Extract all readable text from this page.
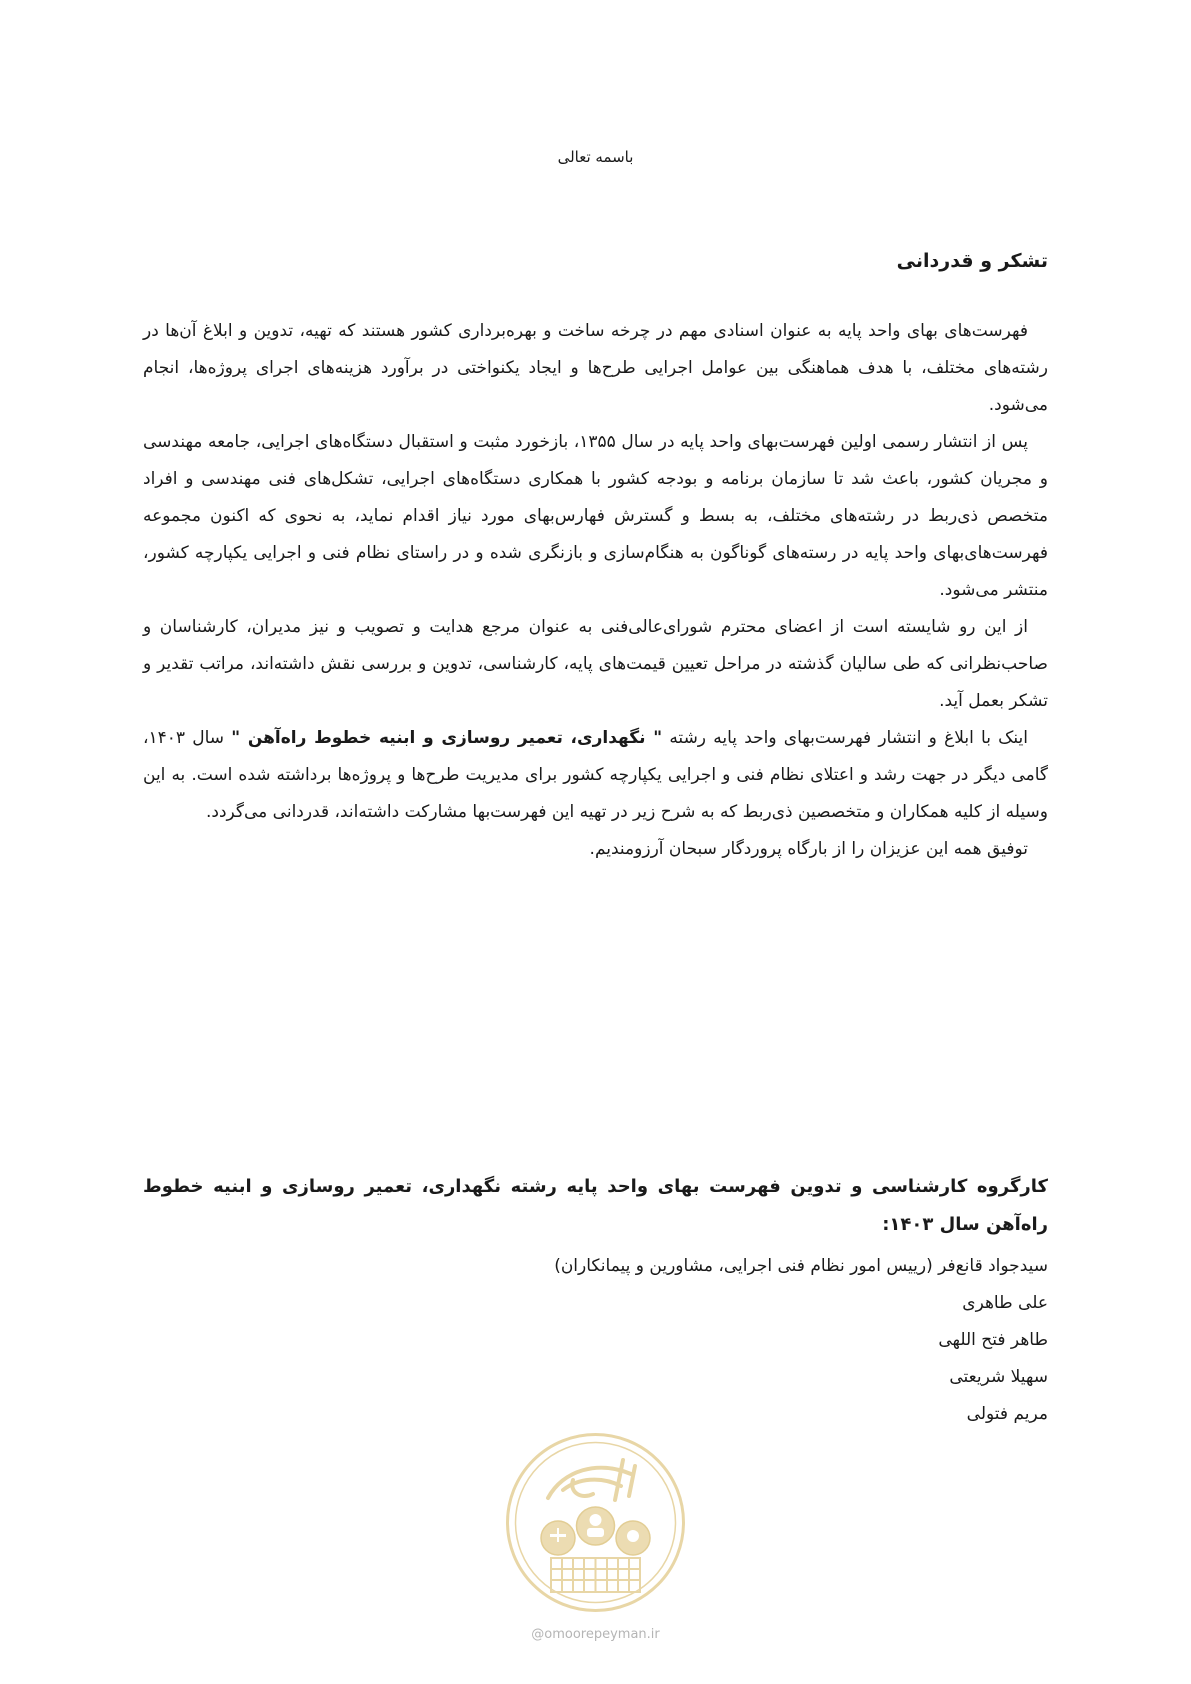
باسمه تعالی

تشکر و قدردانی

فهرست‌های بهای واحد پایه به عنوان اسنادی مهم در چرخه ساخت و بهره‌برداری کشور هستند که تهیه، تدوین و ابلاغ آن‌ها در رشته‌های مختلف، با هدف هماهنگی بین عوامل اجرایی طرح‌ها و ایجاد یکنواختی در برآورد هزینه‌های اجرای پروژه‌ها، انجام می‌شود.

پس از انتشار رسمی اولین فهرست‌بهای واحد پایه در سال ۱۳۵۵، بازخورد مثبت و استقبال دستگاه‌های اجرایی، جامعه مهندسی و مجریان کشور، باعث شد تا سازمان برنامه و بودجه کشور با همکاری دستگاه‌های اجرایی، تشکل‌های فنی مهندسی و افراد متخصص ذی‌ربط در رشته‌های مختلف، به بسط و گسترش فهارس‌بهای مورد نیاز اقدام نماید، به نحوی که اکنون مجموعه فهرست‌های‌بهای واحد پایه در رسته‌های گوناگون به هنگام‌سازی و بازنگری شده و در راستای نظام فنی و اجرایی یکپارچه کشور، منتشر می‌شود.

از این رو شایسته است از اعضای محترم شورای‌عالی‌فنی به عنوان مرجع هدایت و تصویب و نیز مدیران، کارشناسان و صاحب‌نظرانی که طی سالیان گذشته در مراحل تعیین قیمت‌های پایه، کارشناسی، تدوین و بررسی نقش داشته‌اند، مراتب تقدیر و تشکر بعمل آید.

اینک با ابلاغ و انتشار فهرست‌بهای واحد پایه رشته " نگهداری، تعمیر روسازی و ابنیه خطوط راه‌آهن " سال ۱۴۰۳، گامی دیگر در جهت رشد و اعتلای نظام فنی و اجرایی یکپارچه کشور برای مدیریت طرح‌ها و پروژه‌ها برداشته شده است. به این وسیله از کلیه همکاران و متخصصین ذی‌ربط که به شرح زیر در تهیه این فهرست‌بها مشارکت داشته‌اند، قدردانی می‌گردد.

توفیق همه این عزیزان را از بارگاه پروردگار سبحان آرزومندیم.

کارگروه کارشناسی و تدوین فهرست بهای واحد پایه رشته نگهداری، تعمیر روسازی و ابنیه خطوط راه‌آهن سال ۱۴۰۳:

سیدجواد قانع‌فر (رییس امور نظام فنی اجرایی، مشاورین و پیمانکاران)

علی طاهری

طاهر فتح اللهی

سهیلا شریعتی

مریم فتولی

@omoorepeyman.ir
